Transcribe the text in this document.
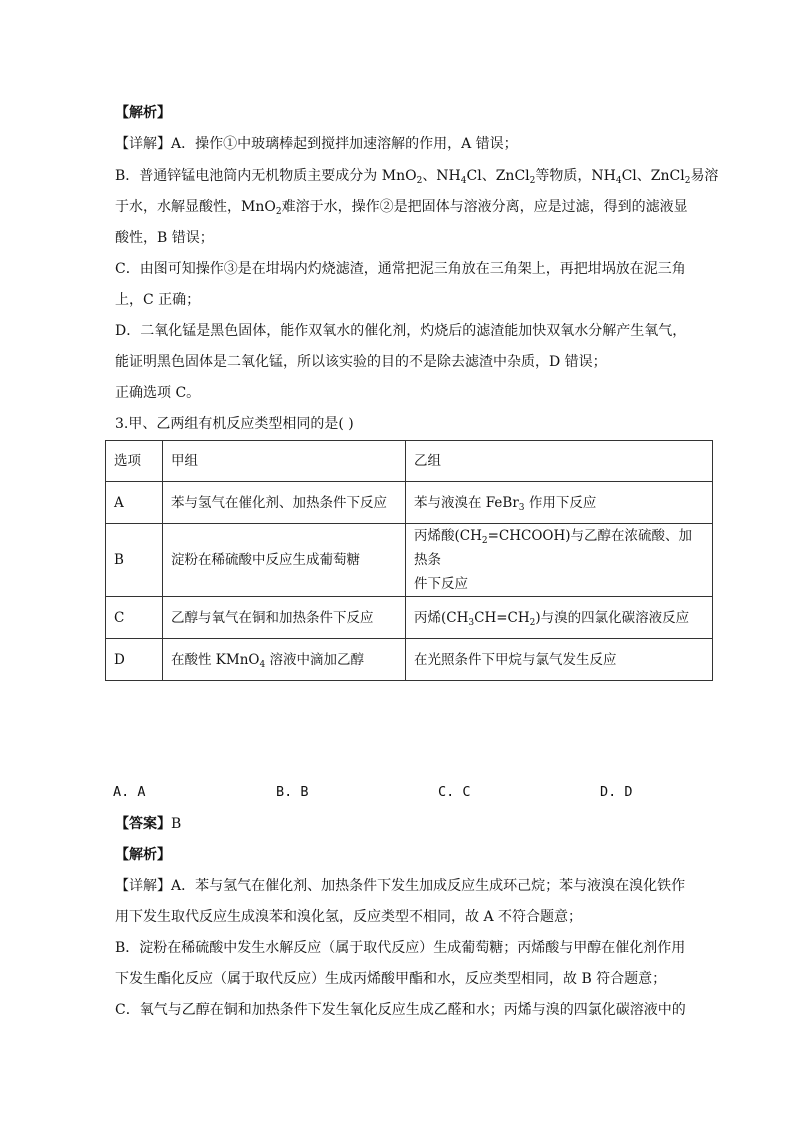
【解析】
【详解】A．操作①中玻璃棒起到搅拌加速溶解的作用，A 错误；
B．普通锌锰电池筒内无机物质主要成分为 MnO$_2$、$NH_4Cl$、ZnCl$_2$等物质，$NH_4Cl$、ZnCl$_2$易溶
于水，水解显酸性，MnO$_2$难溶于水，操作②是把固体与溶液分离，应是过滤，得到的滤液显
酸性，B 错误；
C．由图可知操作③是在坩埚内灼烧滤渣，通常把泥三角放在三角架上，再把坩埚放在泥三角
上，C 正确；
D．二氧化锰是黑色固体，能作双氧水的催化剂，灼烧后的滤渣能加快双氧水分解产生氧气，
能证明黑色固体是二氧化锰，所以该实验的目的不是除去滤渣中杂质，D 错误；
正确选项 C。
3.甲、乙两组有机反应类型相同的是( )
选项	甲组	乙组
A	苯与氢气在催化剂、加热条件下反应	苯与液溴在 FeBr$_3$ 作用下反应
B	淀粉在稀硫酸中反应生成葡萄糖	丙烯酸$(CH_2=CHCOOH)$与乙醇在浓硫酸、加热条
件下反应
C	乙醇与氧气在铜和加热条件下反应	丙烯$(CH_3CH=CH_2)$与溴的四氯化碳溶液反应
D	在酸性 KMnO$_4$ 溶液中滴加乙醇	在光照条件下甲烷与氯气发生反应
A. A	B. B	C. C	D. D
【答案】B
【解析】
【详解】A．苯与氢气在催化剂、加热条件下发生加成反应生成环己烷；苯与液溴在溴化铁作
用下发生取代反应生成溴苯和溴化氢，反应类型不相同，故 A 不符合题意；
B．淀粉在稀硫酸中发生水解反应（属于取代反应）生成葡萄糖；丙烯酸与甲醇在催化剂作用
下发生酯化反应（属于取代反应）生成丙烯酸甲酯和水，反应类型相同，故 B 符合题意；
C．氧气与乙醇在铜和加热条件下发生氧化反应生成乙醛和水；丙烯与溴的四氯化碳溶液中的
